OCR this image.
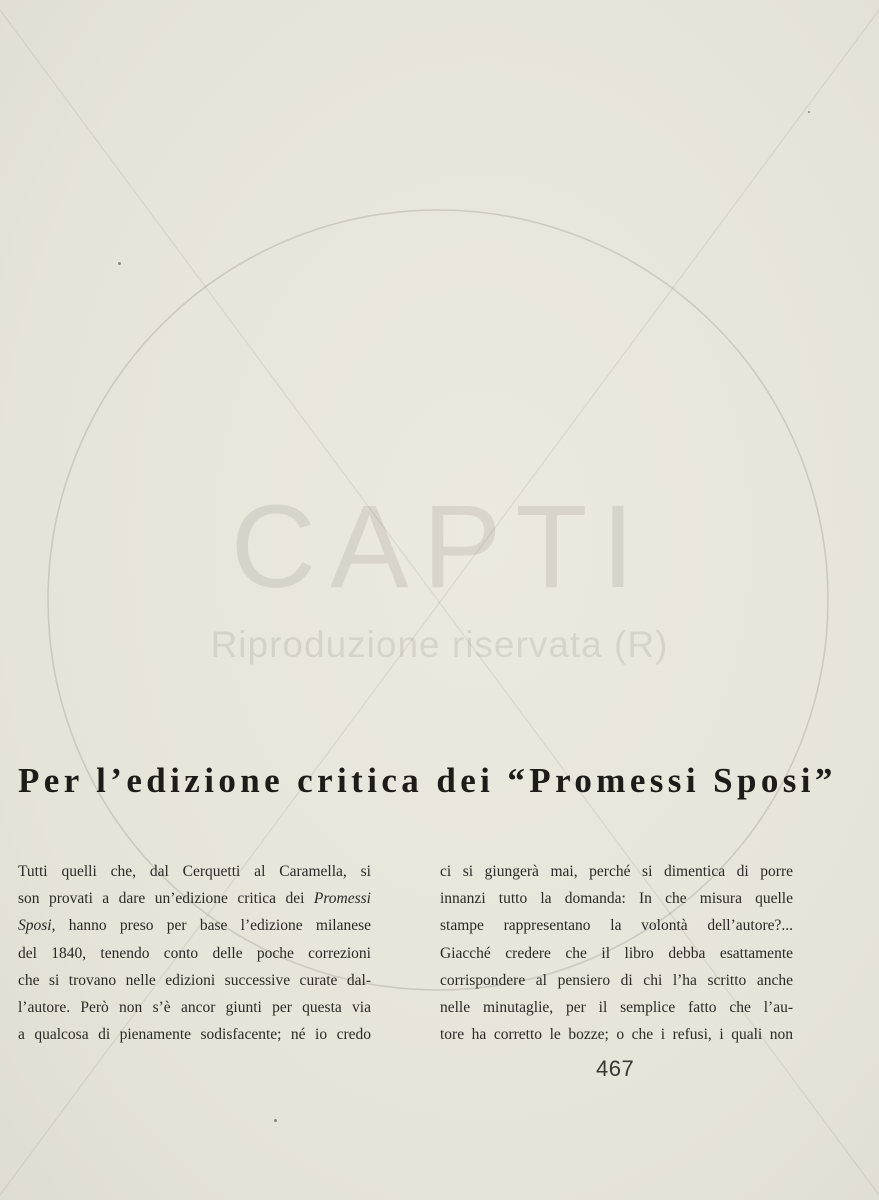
CAPTI
Riproduzione riservata (R)
Per l’edizione critica dei “Promessi Sposi”
Tutti quelli che, dal Cerquetti al Caramella, si
son provati a dare un’edizione critica dei Promessi
Sposi, hanno preso per base l’edizione milanese
del 1840, tenendo conto delle poche correzioni
che si trovano nelle edizioni successive curate dal-
l’autore. Però non s’è ancor giunti per questa via
a qualcosa di pienamente sodisfacente; né io credo
ci si giungerà mai, perché si dimentica di porre
innanzi tutto la domanda: In che misura quelle
stampe rappresentano la volontà dell’autore?...
Giacché credere che il libro debba esattamente
corrispondere al pensiero di chi l’ha scritto anche
nelle minutaglie, per il semplice fatto che l’au-
tore ha corretto le bozze; o che i refusi, i quali non
467
